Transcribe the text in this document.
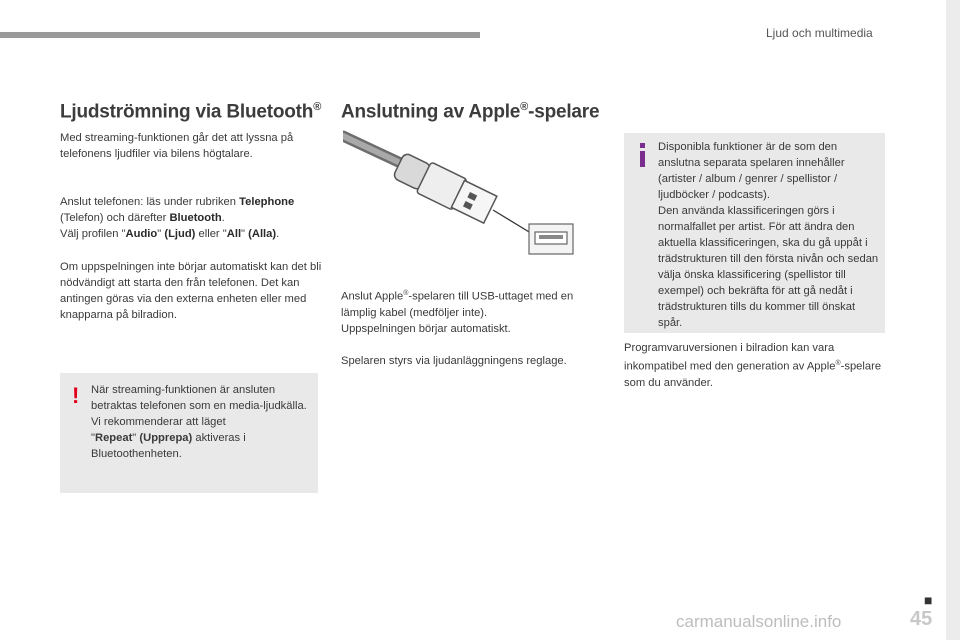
Ljud och multimedia
Ljudströmning via Bluetooth®

Med streaming-funktionen går det att lyssna på telefonens ljudfiler via bilens högtalare.

Anslut telefonen: läs under rubriken Telephone (Telefon) och därefter Bluetooth.
Välj profilen "Audio" (Ljud) eller "All" (Alla).

Om uppspelningen inte börjar automatiskt kan det bli nödvändigt att starta den från telefonen. Det kan antingen göras via den externa enheten eller med knapparna på bilradion.

! När streaming-funktionen är ansluten betraktas telefonen som en media-ljudkälla.
Vi rekommenderar att läget
"Repeat" (Upprepa) aktiveras i Bluetoothenheten.
Anslutning av Apple®-spelare

Anslut Apple®-spelaren till USB-uttaget med en lämplig kabel (medföljer inte).
Uppspelningen börjar automatiskt.

Spelaren styrs via ljudanläggningens reglage.

Disponibla funktioner är de som den anslutna separata spelaren innehåller (artister / album / genrer / spellistor / ljudböcker / podcasts).
Den använda klassificeringen görs i normalfallet per artist. För att ändra den aktuella klassificeringen, ska du gå uppåt i trädstrukturen till den första nivån och sedan välja önska klassificering (spellistor till exempel) och bekräfta för att gå nedåt i trädstrukturen tills du kommer till önskat spår.

Programvaruversionen i bilradion kan vara inkompatibel med den generation av Apple®-spelare som du använder.

■
carmanualsonline.info	45
